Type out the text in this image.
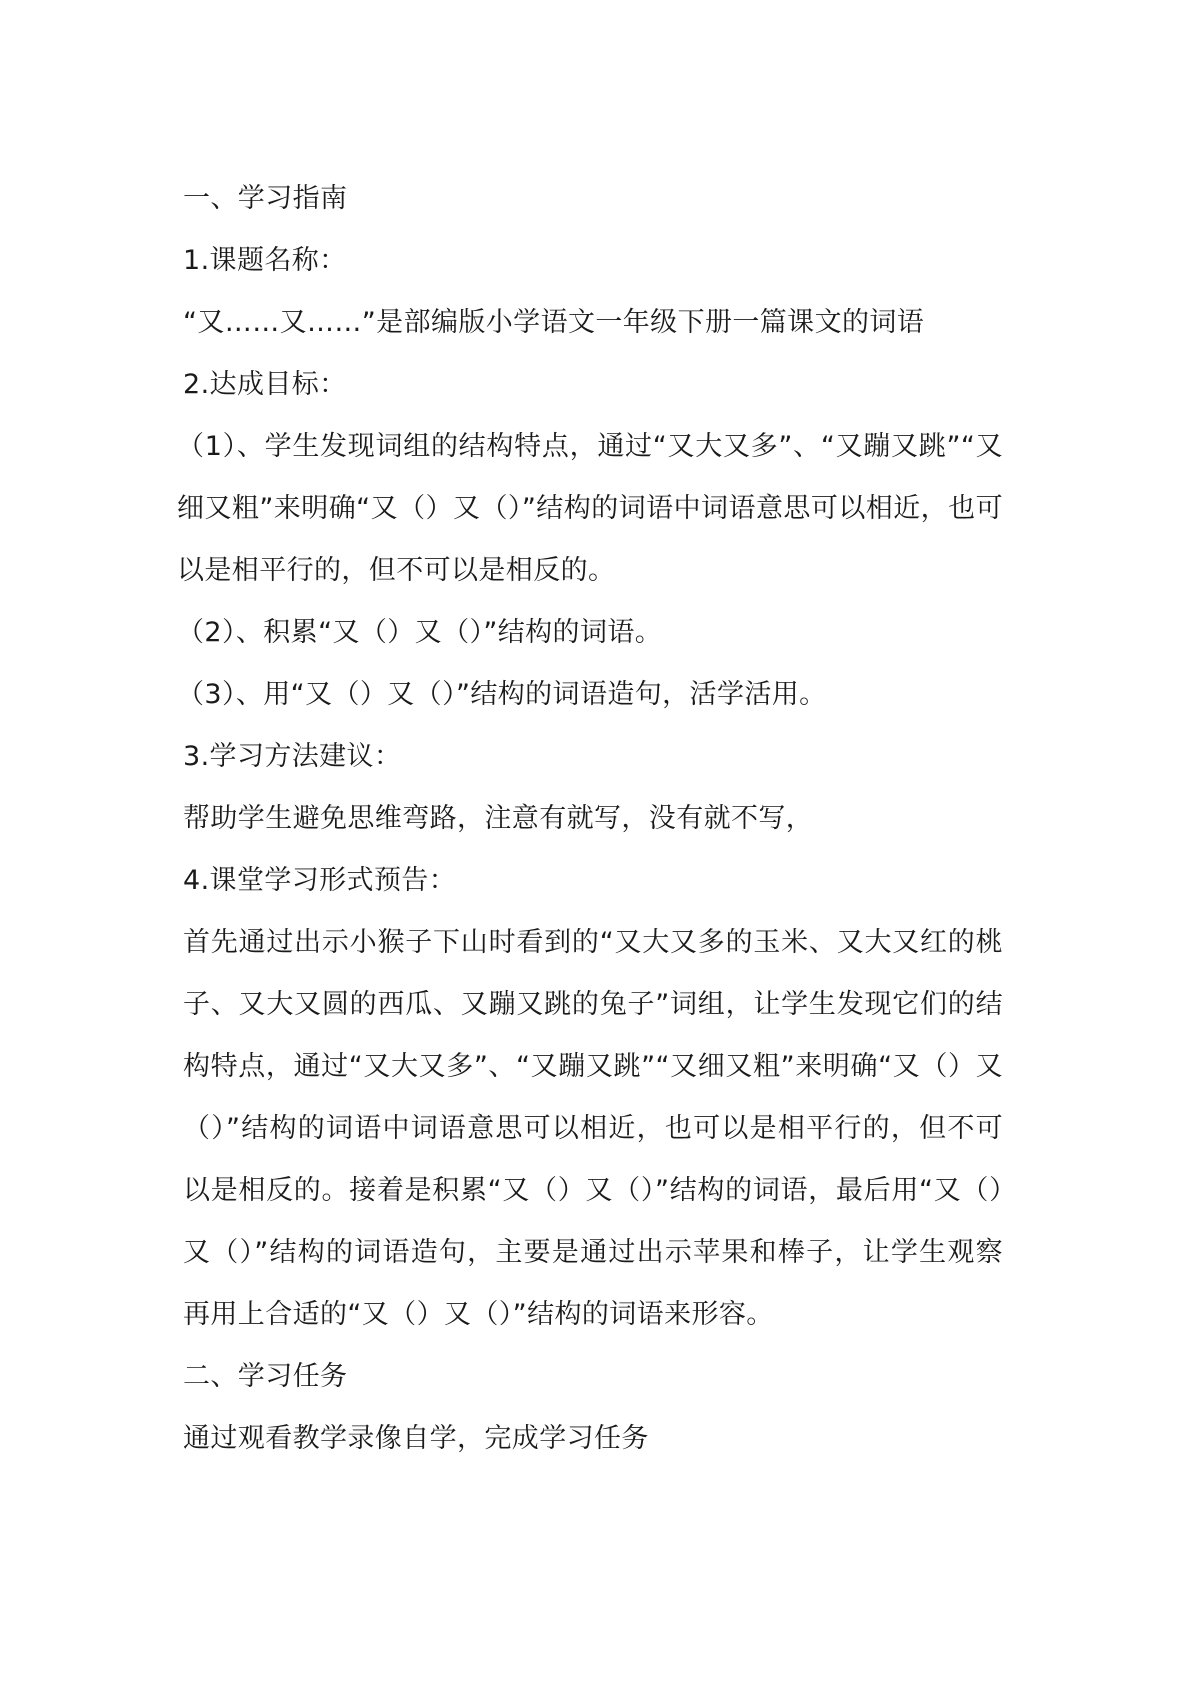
一、学习指南

1.课题名称：

“又……又……”是部编版小学语文一年级下册一篇课文的词语

2.达成目标：

（1）、学生发现词组的结构特点，通过“又大又多”、“又蹦又跳”“又细又粗”来明确“又（）又（）”结构的词语中词语意思可以相近，也可以是相平行的，但不可以是相反的。

（2）、积累“又（）又（）”结构的词语。

（3）、用“又（）又（）”结构的词语造句，活学活用。

3.学习方法建议：

帮助学生避免思维弯路，注意有就写，没有就不写，

4.课堂学习形式预告：

首先通过出示小猴子下山时看到的“又大又多的玉米、又大又红的桃子、又大又圆的西瓜、又蹦又跳的兔子”词组，让学生发现它们的结构特点，通过“又大又多”、“又蹦又跳”“又细又粗”来明确“又（）又（）”结构的词语中词语意思可以相近，也可以是相平行的，但不可以是相反的。接着是积累“又（）又（）”结构的词语，最后用“又（）又（）”结构的词语造句，主要是通过出示苹果和棒子，让学生观察再用上合适的“又（）又（）”结构的词语来形容。

二、学习任务

通过观看教学录像自学，完成学习任务
